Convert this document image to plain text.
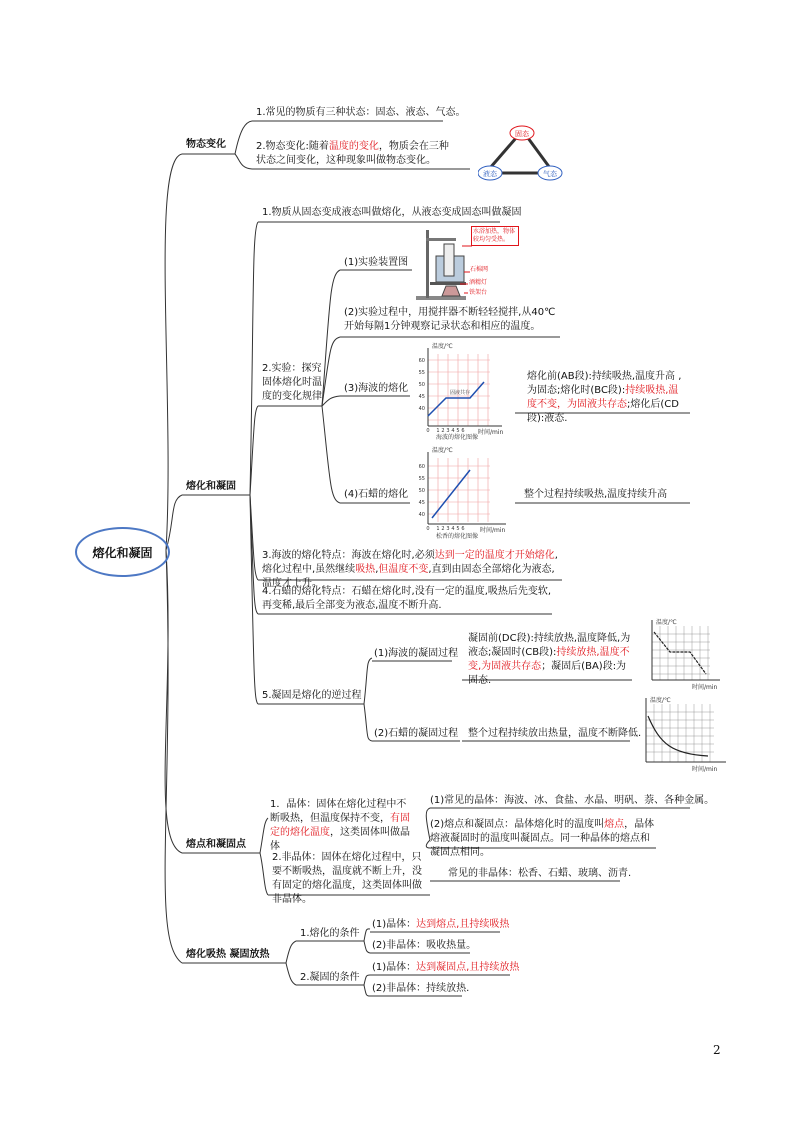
熔化和凝固
物态变化
1.常见的物质有三种状态：固态、液态、气态。
2.物态变化:随着温度的变化，物质会在三种状态之间变化，这种现象叫做物态变化。
固态
液态	气态
熔化和凝固
1.物质从固态变成液态叫做熔化，从液态变成固态叫做凝固
2.实验：探究固体熔化时温度的变化规律
(1)实验装置图
水浴加热，物体较均匀受热。
石棉网
酒精灯
铁架台
(2)实验过程中，用搅拌器不断轻轻搅拌,从40℃开始每隔1分钟观察记录状态和相应的温度。
(3)海波的熔化
温度/℃
时间/min
海波的熔化图像
固液共存
60
55
50
45
40
0 1 2 3 4 5 6
熔化前(AB段):持续吸热,温度升高 ,为固态;熔化时(BC段):持续吸热,温度不变，为固液共存态;熔化后(CD段):液态.
(4)石蜡的熔化
温度/℃
时间/min
松香的熔化图像
60
55
50
45
40
0 1 2 3 4 5 6
整个过程持续吸热,温度持续升高
3.海波的熔化特点：海波在熔化时,必须达到一定的温度才开始熔化,熔化过程中,虽然继续吸热,但温度不变,直到由固态全部熔化为液态,温度才上升。
4.石蜡的熔化特点：石蜡在熔化时,没有一定的温度,吸热后先变软,再变稀,最后全部变为液态,温度不断升高.
5.凝固是熔化的逆过程
(1)海波的凝固过程
凝固前(DC段):持续放热,温度降低,为液态;凝固时(CB段):持续放热,温度不变,为固液共存态；凝固后(BA)段:为固态.
温度/℃
时间/min
(2)石蜡的凝固过程 整个过程持续放出热量，温度不断降低.
温度/℃
时间/min
熔点和凝固点
1．晶体：固体在熔化过程中不断吸热，但温度保持不变，有固定的熔化温度，这类固体叫做晶体
2.非晶体：固体在熔化过程中，只要不断吸热，温度就不断上升，没有固定的熔化温度，这类固体叫做非晶体。
(1)常见的晶体：海波、冰、食盐、水晶、明矾、萘、各种金属。
(2)熔点和凝固点：晶体熔化时的温度叫熔点，晶体熔液凝固时的温度叫凝固点。同一种晶体的熔点和凝固点相同。
常见的非晶体：松香、石蜡、玻璃、沥青.
熔化吸热 凝固放热
1.熔化的条件
(1)晶体：达到熔点,且持续吸热
(2)非晶体：吸收热量。
2.凝固的条件
(1)晶体：达到凝固点,且持续放热
(2)非晶体：持续放热.
2
